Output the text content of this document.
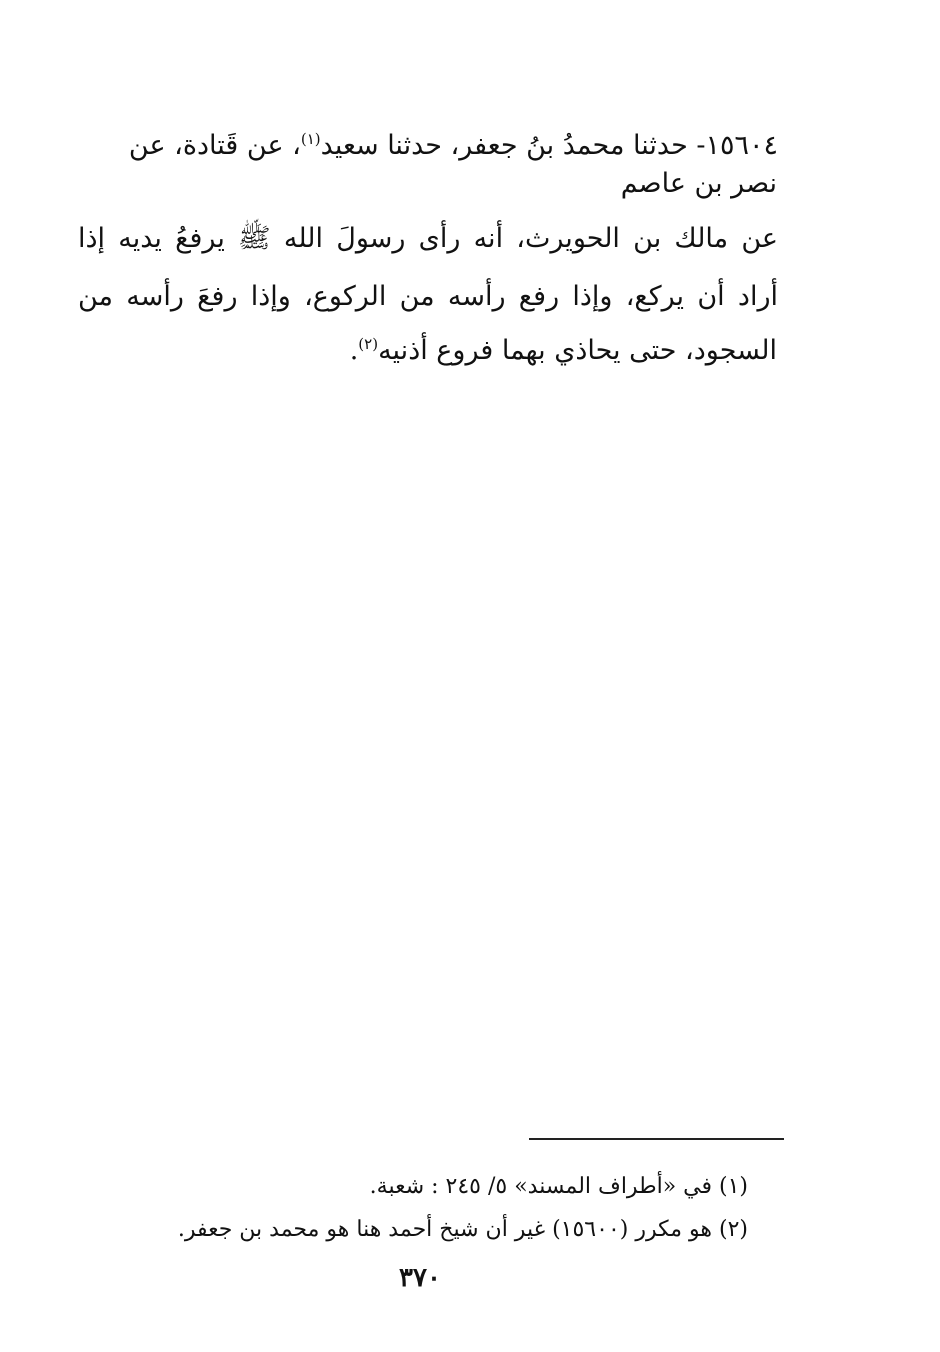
١٥٦٠٤- حدثنا محمدُ بنُ جعفر، حدثنا سعيد$^{(١)}$، عن قَتادة، عن
نصر بن عاصم
عن مالك بن الحويرث، أنه رأى رسولَ الله ﷺ يرفعُ يديه إذا
أراد أن يركع، وإذا رفع رأسه من الركوع، وإذا رفعَ رأسه من
السجود، حتى يحاذي بهما فروع أذنيه$^{(٢)}$.
(١) في «أطراف المسند» ٥/ ٢٤٥ : شعبة.
(٢) هو مكرر (١٥٦٠٠) غير أن شيخ أحمد هنا هو محمد بن جعفر.
٣٧٠
